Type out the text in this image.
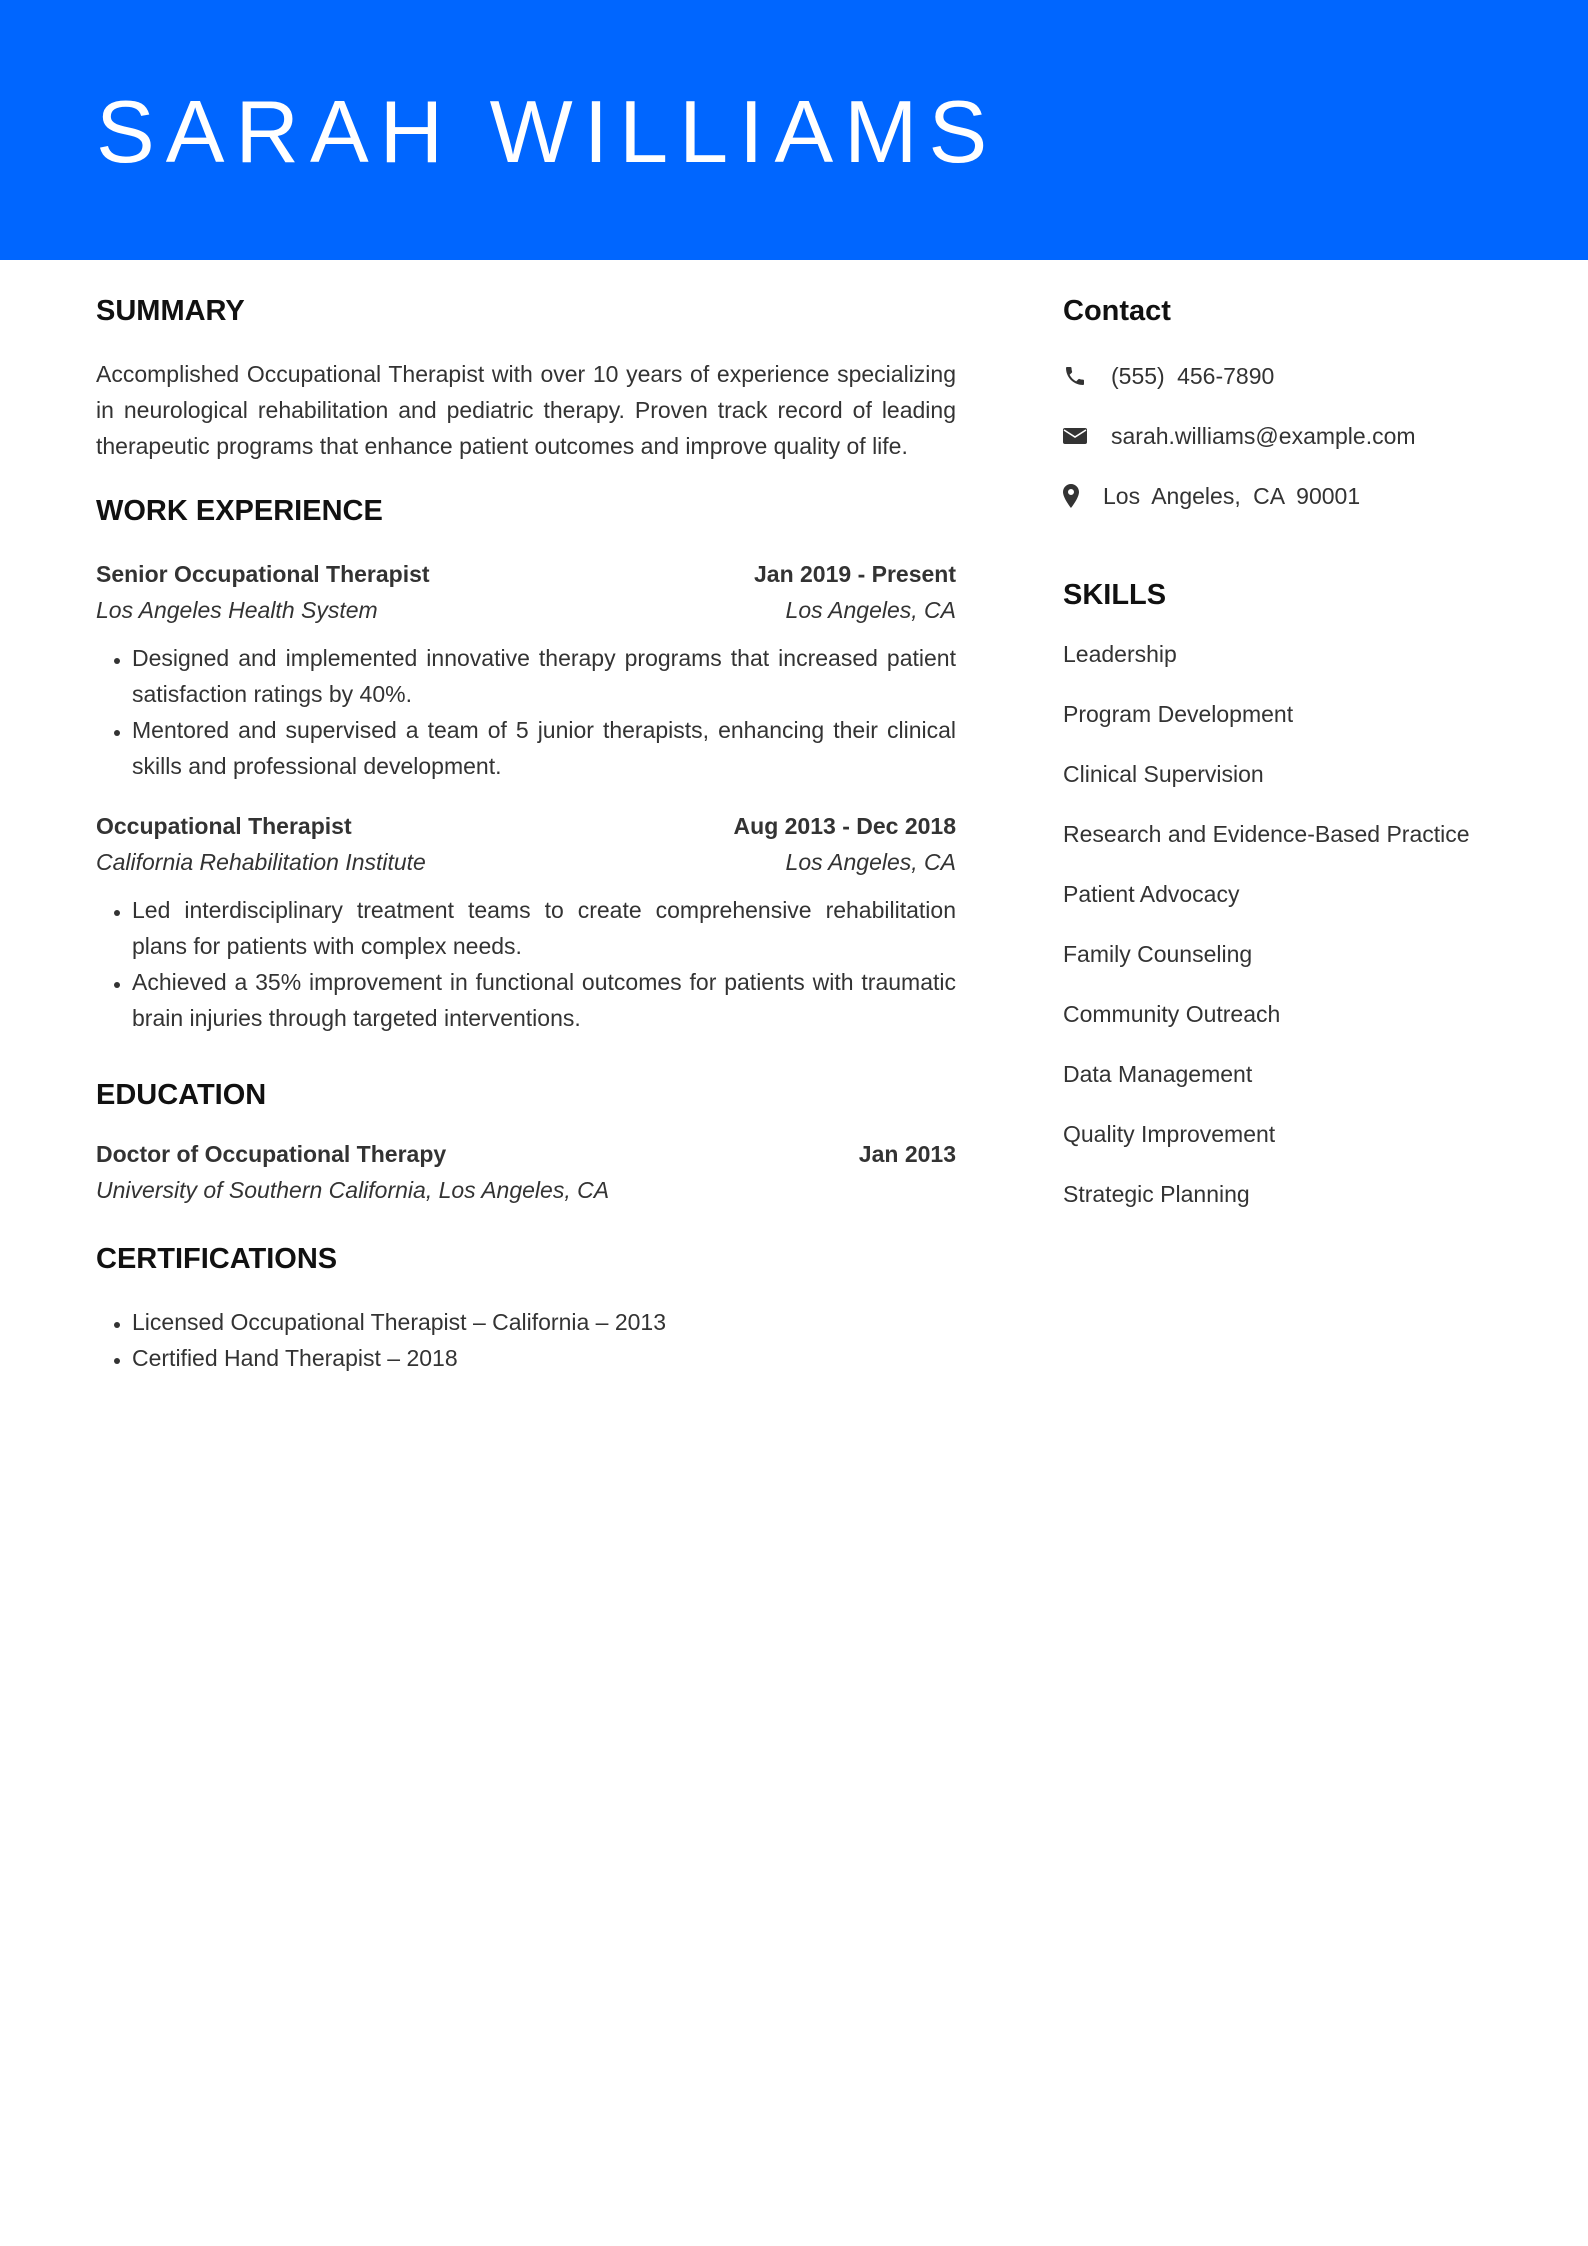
SARAH WILLIAMS
SUMMARY

Accomplished Occupational Therapist with over 10 years of experience specializing in neurological rehabilitation and pediatric therapy. Proven track record of leading therapeutic programs that enhance patient outcomes and improve quality of life.

WORK EXPERIENCE
Senior Occupational Therapist	Jan 2019 - Present
Los Angeles Health System	Los Angeles, CA
• Designed and implemented innovative therapy programs that increased patient satisfaction ratings by 40%.
• Mentored and supervised a team of 5 junior therapists, enhancing their clinical skills and professional development.
Occupational Therapist	Aug 2013 - Dec 2018
California Rehabilitation Institute	Los Angeles, CA
• Led interdisciplinary treatment teams to create comprehensive rehabilitation plans for patients with complex needs.
• Achieved a 35% improvement in functional outcomes for patients with traumatic brain injuries through targeted interventions.
EDUCATION
Doctor of Occupational Therapy	Jan 2013
University of Southern California, Los Angeles, CA
CERTIFICATIONS
• Licensed Occupational Therapist – California – 2013
• Certified Hand Therapist – 2018
Contact
(555) 456-7890
sarah.williams@example.com
Los Angeles, CA 90001
SKILLS
Leadership
Program Development
Clinical Supervision
Research and Evidence-Based Practice
Patient Advocacy
Family Counseling
Community Outreach
Data Management
Quality Improvement
Strategic Planning
